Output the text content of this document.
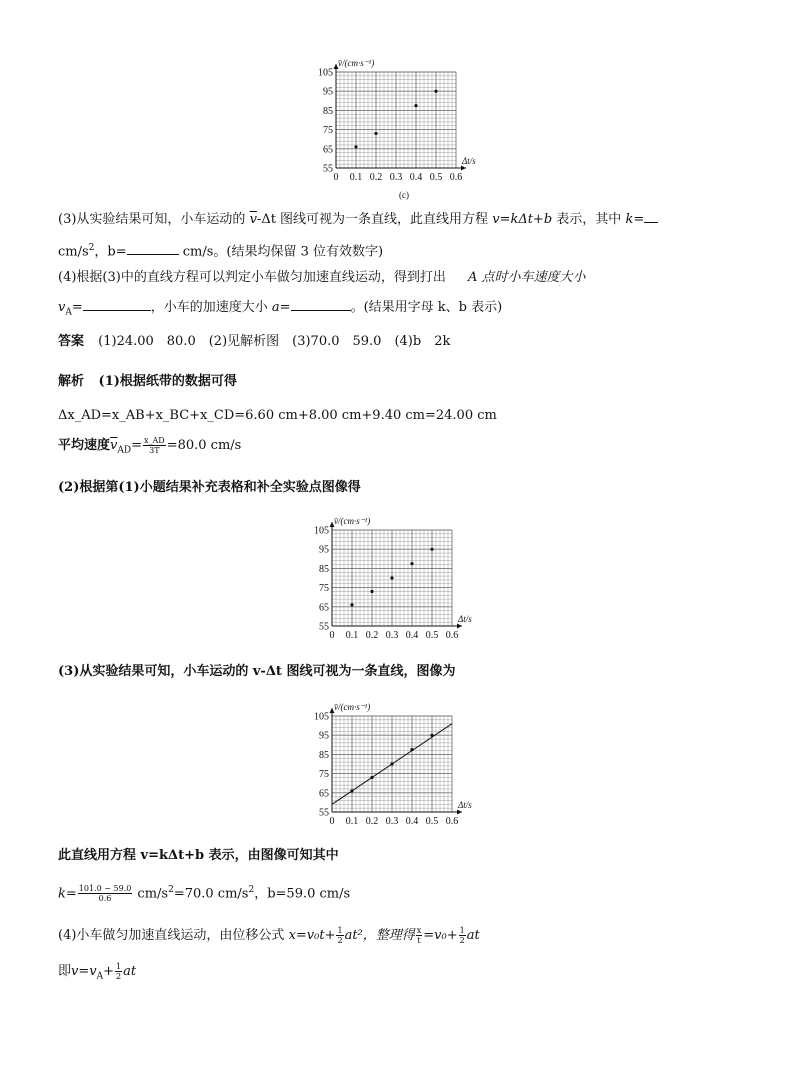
55
65
75
85
95
105
0 0.1 0.2 0.3 0.4 0.5 0.6
v̄/(cm·s⁻¹)
Δt/s
(c)
(3)从实验结果可知，小车运动的 $\overline{v}-\Delta t$ 图线可视为一条直线，此直线用方程 v=kΔt+b 表示，其中 k=
$cm/s^2$，b=	cm/s。(结果均保留 3 位有效数字)
(4)根据(3)中的直线方程可以判定小车做匀加速直线运动，得到打出 A 点时小车速度大小
$v_A=$	，小车的加速度大小 a=	。(结果用字母 k、b 表示)
答案 (1)24.00　80.0　(2)见解析图　(3)70.0　59.0　(4)b　2k
解析 (1)根据纸带的数据可得
Δx_AD=x_AB+x_BC+x_CD=6.60 cm+8.00 cm+9.40 cm=24.00 cm
平均速度$\overline{v}_{AD}= \frac{x\_AD}{3T} =80.0$ cm/s
(2)根据第(1)小题结果补充表格和补全实验点图像得
55
65
75
85
95
105
0 0.1 0.2 0.3 0.4 0.5 0.6
v̄/(cm·s⁻¹)
Δt/s
(3)从实验结果可知，小车运动的 v-Δt 图线可视为一条直线，图像为
55
65
75
85
95
105
0 0.1 0.2 0.3 0.4 0.5 0.6
v̄/(cm·s⁻¹)
Δt/s
此直线用方程 v=kΔt+b 表示，由图像可知其中
$k= \frac{101.0 - 59.0}{0.6} cm/s^2=70.0$ $cm/s^2$，b=59.0 cm/s
(4)小车做匀加速直线运动，由位移公式 $x=v_0t+ \frac{1}{2} at^2$，整理得 $\frac{x}{t} =v_0+ \frac{1}{2}$ at
即$v=v_A+ \frac{1}{2}$ at
